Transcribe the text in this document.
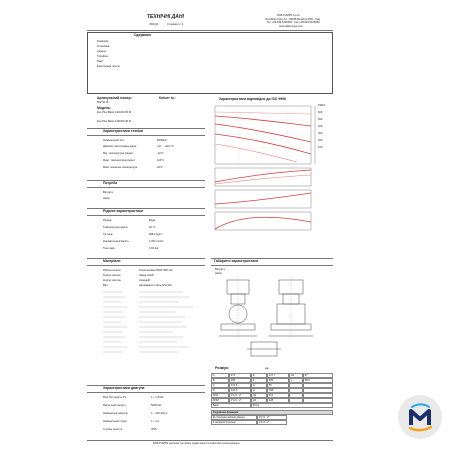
ТЕХНІЧНІ ДАНІ
OD1Q2	Сторінка 1 / 4
DAB PUMPS S.p.A.
Via Marco Polo, 14 - 35035 Mestrino (PD) - Italy
Tel. +39.049.5125000 - Fax +39.049.5125950
www.dabpumps.com
Одержано
Компанія:
Установка:
Адреса:
Телефон:
Факс:
Електронна пошта:
Артикульний номер:	Клієнт №:
60271178
Модель:
Evo Plus Basic 120/340.45 M
Evo Plus Basic 120/340.45 M
Характеристики техніки
Номінальний тип:	50/60Hz
Діапазон застосувань рідин:	-10 ... +110 °C
Мін. температура рідини:	-10°C
Макс. температура рідини:	110°C
Макс. кімнатна температура:	40°C
Потреби
Витрата
Напір
Рідинні характеристики
Рідина:	Вода
Температура рідини:	20 °C
Густина:	998.2 kg/m³
Кінематична в'язкість:	1.004 mm²/s
Тиск пари:	0.02 bar
Характеристики відповідно до ISO 9906
PMAX
600
500
400
300
200
100
Матеріали
Робоче колесо	Технополімер PA66 30% GF
Корпус насоса	Чавун GG20
Корпус мотора	Алюміній
Вал	Нержавіюча сталь AISI 304
Габаритні характеристики
Витрата
Напір
Розміри	мм
A	373	E	127.7	H3	87
B	358	F	535	L	58.5
C	131.5	G	65
D	124.5	H	768
DNA	1"1/4 - 2"	H1	613
DNM	1"1/4 - 2"	H2	228
Вага:	56 kg
З'єднання фланцем
Зі стороною всмоктування:	1"1/4 - 2"
З напірної сторони:	1"1/4 - 2"
Характеристики двигуна
Вхід Потужність P1:	1 ÷ 1.8 kW
Фактичний напругу:	50/60 Hz
Номінальна напруга:	1 ~ 220-240 V
Номінальний струм:	1 ÷ 3 A
Ступінь захисту:	IPX5
DAB PUMPS залишає за собою право вносити зміни без попередження
